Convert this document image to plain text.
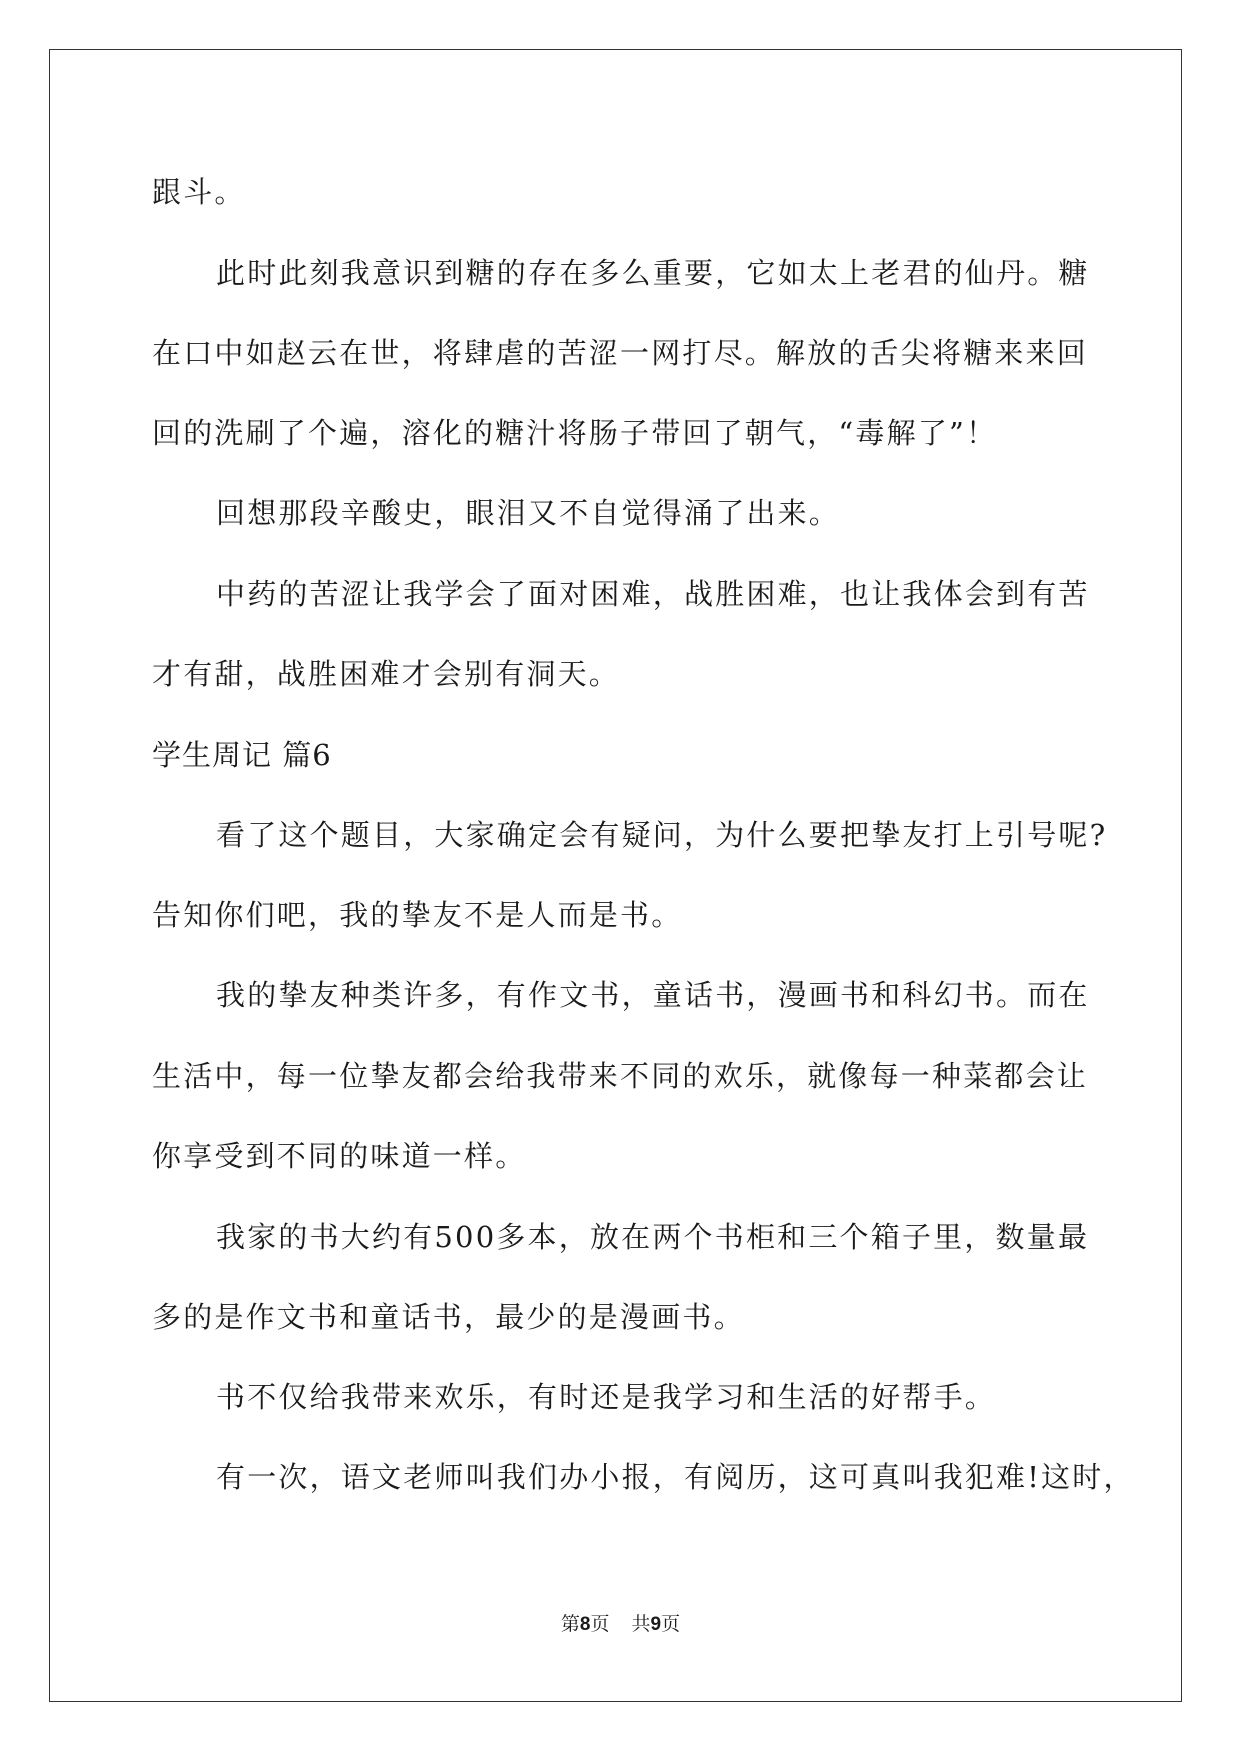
跟斗。
此时此刻我意识到糖的存在多么重要，它如太上老君的仙丹。糖
在口中如赵云在世，将肆虐的苦涩一网打尽。解放的舌尖将糖来来回
回的洗刷了个遍，溶化的糖汁将肠子带回了朝气，“毒解了”！
回想那段辛酸史，眼泪又不自觉得涌了出来。
中药的苦涩让我学会了面对困难，战胜困难，也让我体会到有苦
才有甜，战胜困难才会别有洞天。
学生周记 篇6
看了这个题目，大家确定会有疑问，为什么要把挚友打上引号呢?
告知你们吧，我的挚友不是人而是书。
我的挚友种类许多，有作文书，童话书，漫画书和科幻书。而在
生活中，每一位挚友都会给我带来不同的欢乐，就像每一种菜都会让
你享受到不同的味道一样。
我家的书大约有500多本，放在两个书柜和三个箱子里，数量最
多的是作文书和童话书，最少的是漫画书。
书不仅给我带来欢乐，有时还是我学习和生活的好帮手。
有一次，语文老师叫我们办小报，有阅历，这可真叫我犯难!这时，
第8页 共9页
